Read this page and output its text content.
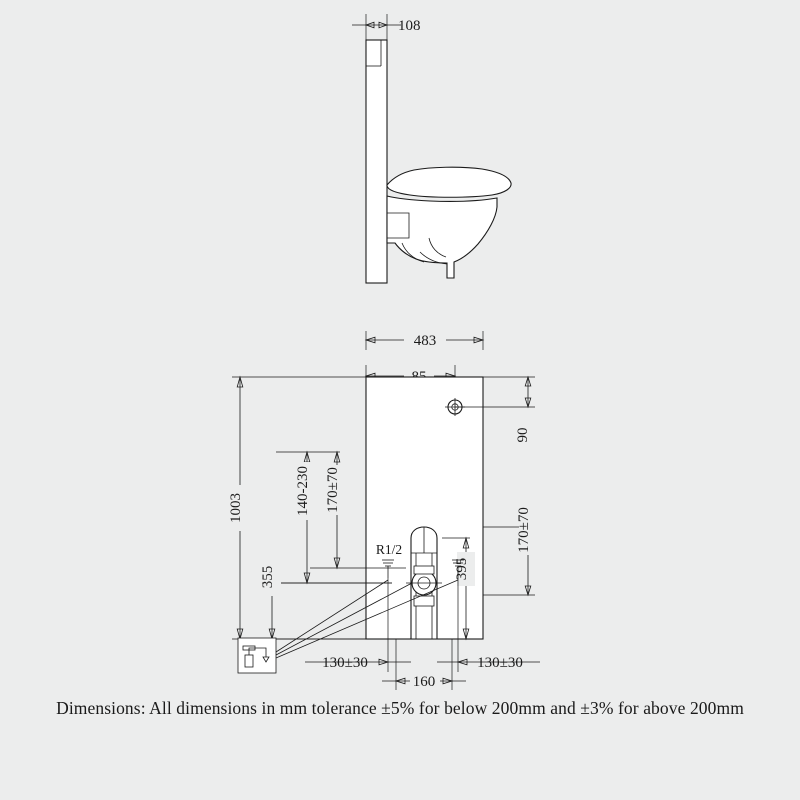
108
483
90
1003	140-230 170±70
355	395
170±70
R1/2
130±30	130±30
160
Dimensions: All dimensions in mm tolerance ±5% for below 200mm and ±3% for above 200mm
